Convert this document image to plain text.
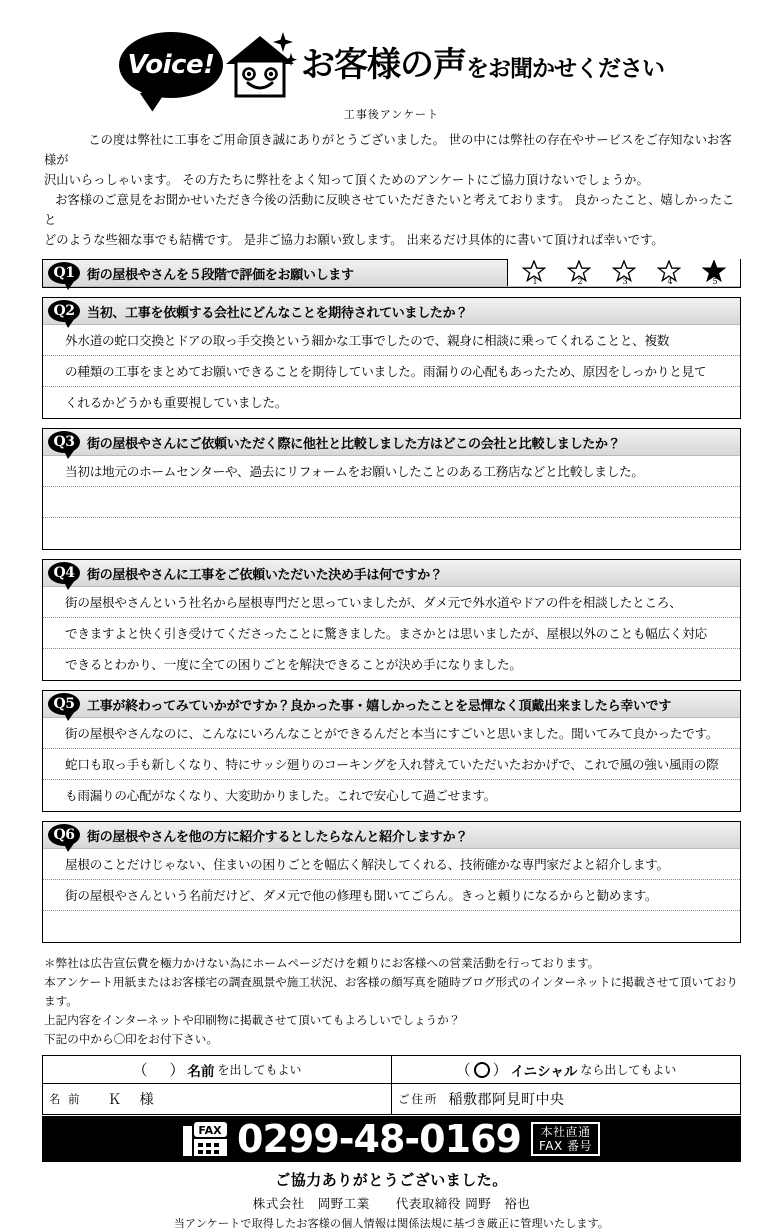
Voice!	お客様の声をお聞かせください
工事後アンケート

この度は弊社に工事をご用命頂き誠にありがとうございました。 世の中には弊社の存在やサービスをご存知ないお客様が

沢山いらっしゃいます。 その方たちに弊社をよく知って頂くためのアンケートにご協力頂けないでしょうか。

お客様のご意見をお聞かせいただき今後の活動に反映させていただきたいと考えております。 良かったこと、嬉しかったこと

どのような些細な事でも結構です。 是非ご協力お願い致します。 出来るだけ具体的に書いて頂ければ幸いです。

Q1 街の屋根やさんを５段階で評価をお願いします	1	2	3	4	5
Q2 当初、工事を依頼する会社にどんなことを期待されていましたか？
外水道の蛇口交換とドアの取っ手交換という細かな工事でしたので、親身に相談に乗ってくれることと、複数
の種類の工事をまとめてお願いできることを期待していました。雨漏りの心配もあったため、原因をしっかりと見て
くれるかどうかも重要視していました。
Q3 街の屋根やさんにご依頼いただく際に他社と比較しました方はどこの会社と比較しましたか？
当初は地元のホームセンターや、過去にリフォームをお願いしたことのある工務店などと比較しました。
Q4 街の屋根やさんに工事をご依頼いただいた決め手は何ですか？
街の屋根やさんという社名から屋根専門だと思っていましたが、ダメ元で外水道やドアの件を相談したところ、
できますよと快く引き受けてくださったことに驚きました。まさかとは思いましたが、屋根以外のことも幅広く対応
できるとわかり、一度に全ての困りごとを解決できることが決め手になりました。
Q5 工事が終わってみていかがですか？良かった事・嬉しかったことを忌憚なく頂戴出来ましたら幸いです
街の屋根やさんなのに、こんなにいろんなことができるんだと本当にすごいと思いました。聞いてみて良かったです。
蛇口も取っ手も新しくなり、特にサッシ廻りのコーキングを入れ替えていただいたおかげで、これで風の強い風雨の際
も雨漏りの心配がなくなり、大変助かりました。これで安心して過ごせます。
Q6 街の屋根やさんを他の方に紹介するとしたらなんと紹介しますか？
屋根のことだけじゃない、住まいの困りごとを幅広く解決してくれる、技術確かな専門家だよと紹介します。
街の屋根やさんという名前だけど、ダメ元で他の修理も聞いてごらん。きっと頼りになるからと勧めます。

＊弊社は広告宣伝費を極力かけない為にホームページだけを頼りにお客様への営業活動を行っております。

本アンケート用紙またはお客様宅の調査風景や施工状況、お客様の顔写真を随時ブログ形式のインターネットに掲載させて頂いております。

上記内容をインターネットや印刷物に掲載させて頂いてもよろしいでしょうか？

下記の中から〇印をお付下さい。

（ ） 名前 を出してもよい	（ ） イニシャル なら出してもよい

名 前 Ｋ　様	ご住所 稲敷郡阿見町中央
FAX 0299-48-0169 本社直通
FAX 番号
ご協力ありがとうございました。
株式会社　岡野工業　　代表取締役 岡野　裕也
当アンケートで取得したお客様の個人情報は関係法規に基づき厳正に管理いたします。
